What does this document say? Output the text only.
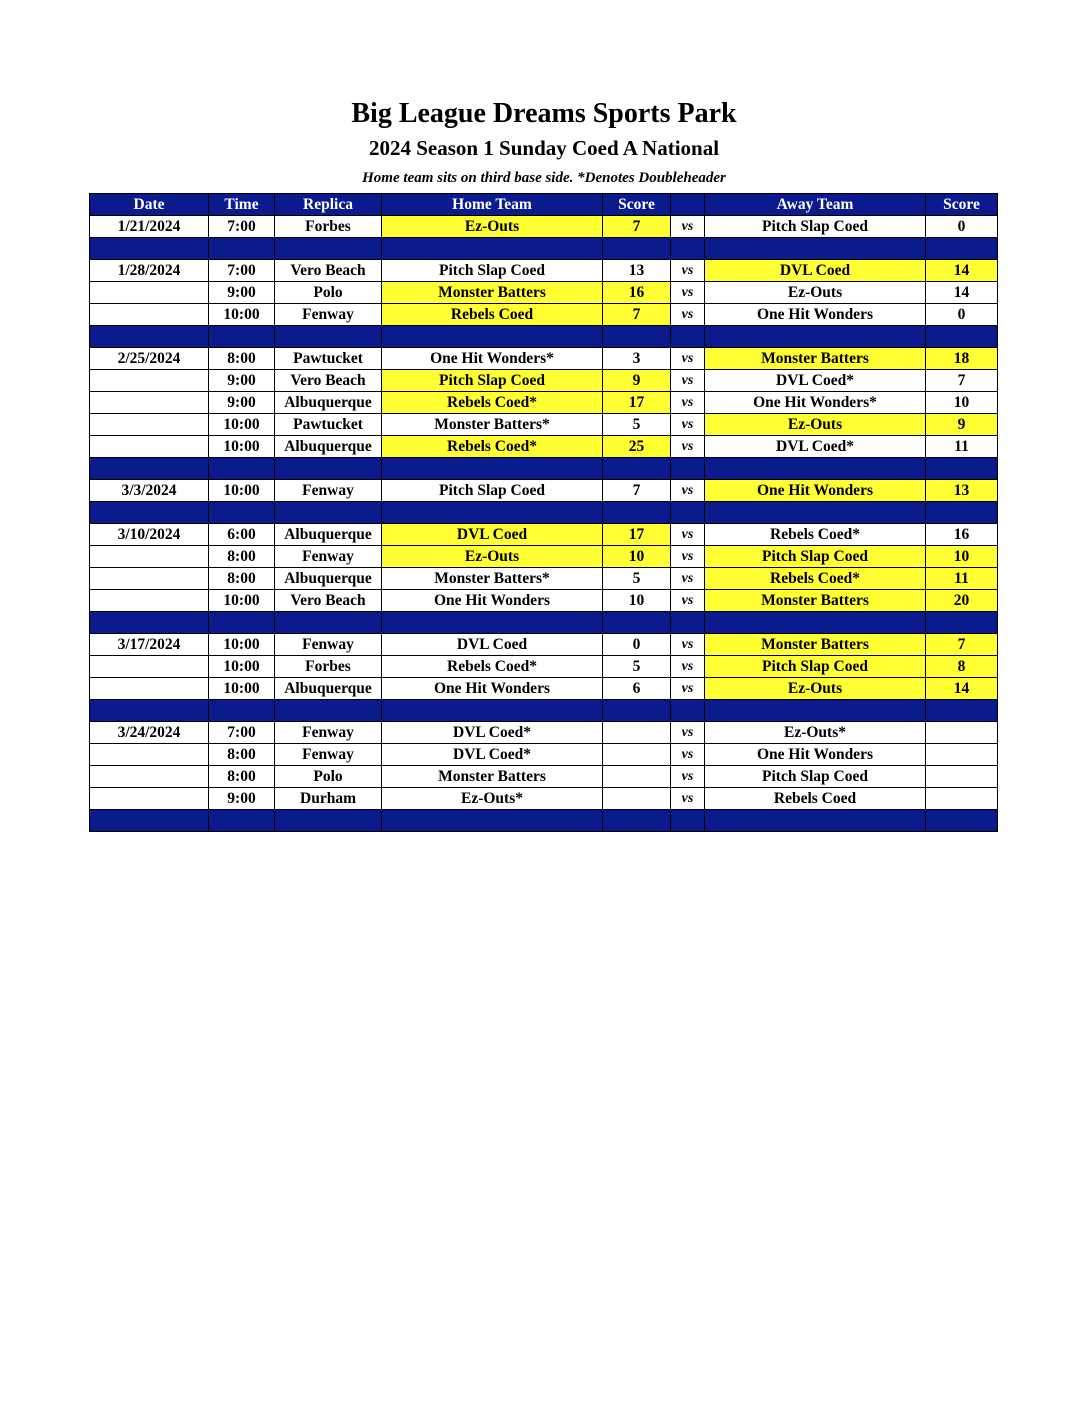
Big League Dreams Sports Park
2024 Season 1 Sunday Coed A National
Home team sits on third base side. *Denotes Doubleheader
Date	Time	Replica	Home Team	Score		Away Team	Score
1/21/2024	7:00	Forbes	Ez-Outs	7	vs	Pitch Slap Coed	0

1/28/2024	7:00	Vero Beach	Pitch Slap Coed	13	vs	DVL Coed	14
	9:00	Polo	Monster Batters	16	vs	Ez-Outs	14
	10:00	Fenway	Rebels Coed	7	vs	One Hit Wonders	0

2/25/2024	8:00	Pawtucket	One Hit Wonders*	3	vs	Monster Batters	18
	9:00	Vero Beach	Pitch Slap Coed	9	vs	DVL Coed*	7
	9:00	Albuquerque	Rebels Coed*	17	vs	One Hit Wonders*	10
	10:00	Pawtucket	Monster Batters*	5	vs	Ez-Outs	9
	10:00	Albuquerque	Rebels Coed*	25	vs	DVL Coed*	11

3/3/2024	10:00	Fenway	Pitch Slap Coed	7	vs	One Hit Wonders	13

3/10/2024	6:00	Albuquerque	DVL Coed	17	vs	Rebels Coed*	16
	8:00	Fenway	Ez-Outs	10	vs	Pitch Slap Coed	10
	8:00	Albuquerque	Monster Batters*	5	vs	Rebels Coed*	11
	10:00	Vero Beach	One Hit Wonders	10	vs	Monster Batters	20

3/17/2024	10:00	Fenway	DVL Coed	0	vs	Monster Batters	7
	10:00	Forbes	Rebels Coed*	5	vs	Pitch Slap Coed	8
	10:00	Albuquerque	One Hit Wonders	6	vs	Ez-Outs	14
							Score
3/24/2024	7:00	Fenway	DVL Coed*		vs	Ez-Outs*	
	8:00	Fenway	DVL Coed*		vs	One Hit Wonders	
	8:00	Polo	Monster Batters		vs	Pitch Slap Coed	
	9:00	Durham	Ez-Outs*		vs	Rebels Coed	
